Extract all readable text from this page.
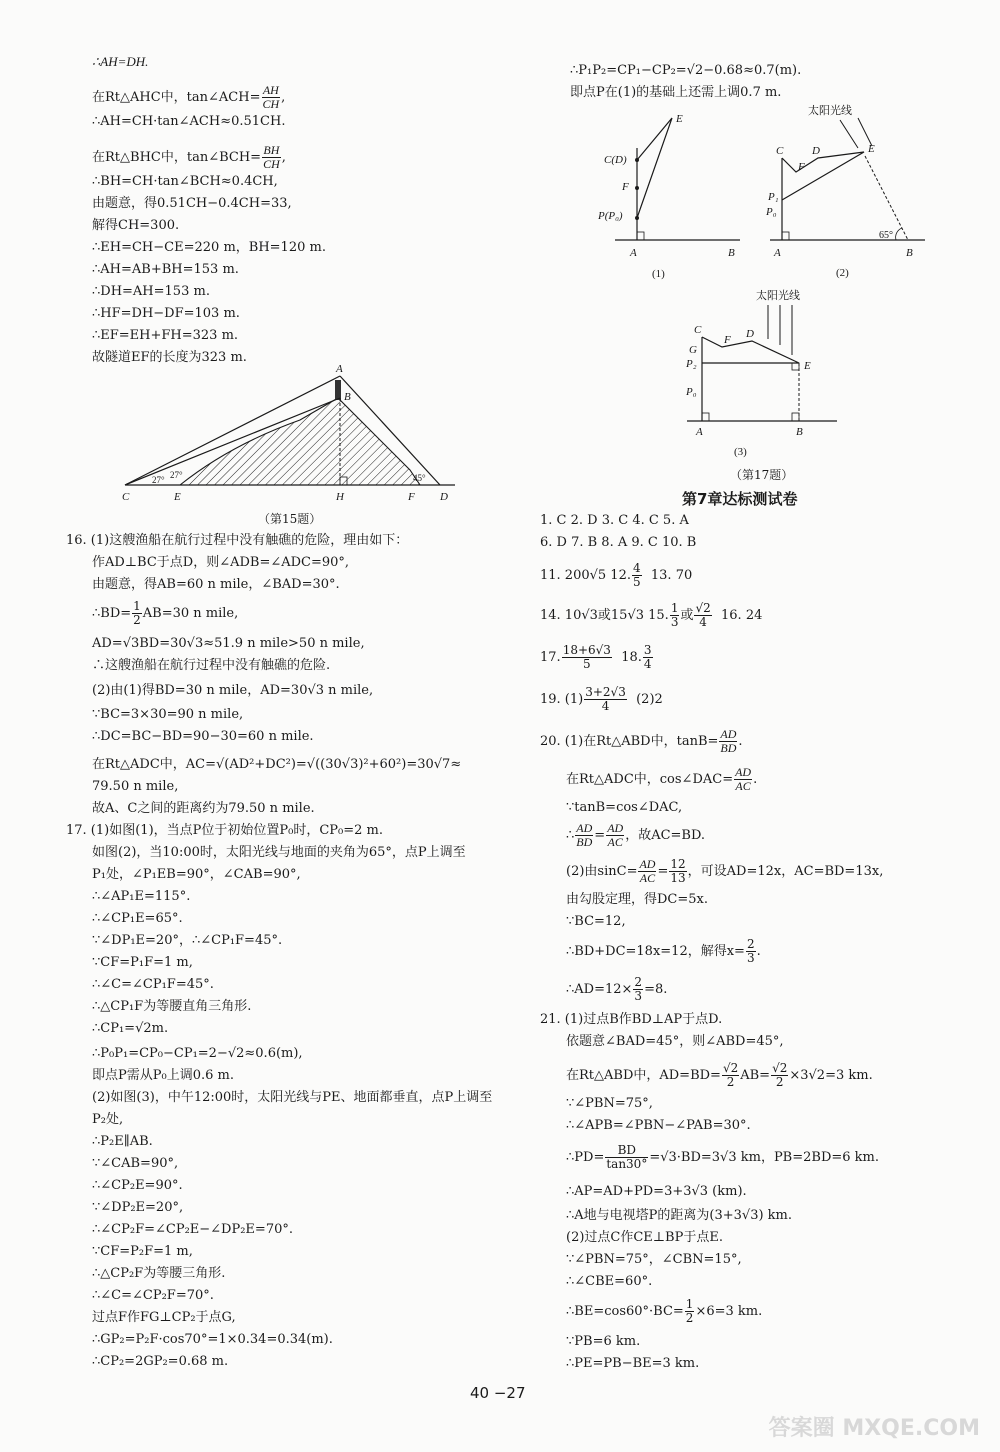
∴AH=DH.
在Rt△AHC中，tan∠ACH= $\frac{AH}{CH}$ ,
∴AH=CH·tan∠ACH≈0.51CH.
在Rt△BHC中，tan∠BCH= $\frac{BH}{CH}$ ,
∴BH=CH·tan∠BCH≈0.4CH,
由题意，得0.51CH−0.4CH=33,
解得CH=300.
∴EH=CH−CE=220 m，BH=120 m.
∴AH=AB+BH=153 m.
∴DH=AH=153 m.
∴HF=DH−DF=103 m.
∴EF=EH+FH=323 m.
故隧道EF的长度为323 m.
A
B
C	E	H	F D
27°
27°	45°
（第15题）
16. (1)这艘渔船在航行过程中没有触礁的危险，理由如下：
作AD⊥BC于点D，则∠ADB=∠ADC=90°,
由题意，得AB=60 n mile，∠BAD=30°.
∴BD= $\frac{1}{2} AB=30$ n mile,
AD=√3BD=30√3≈51.9 n mile>50 n mile,
∴这艘渔船在航行过程中没有触礁的危险.
(2)由(1)得BD=30 n mile，AD=30√3 n mile,
∵BC=3×30=90 n mile,
∴DC=BC−BD=90−30=60 n mile.
在Rt△ADC中，AC=√(AD²+DC²)=√((30√3)²+60²)=30√7≈
79.50 n mile,
故A、C之间的距离约为79.50 n mile.
17. (1)如图(1)，当点P位于初始位置P₀时，CP₀=2 m.
如图(2)，当10:00时，太阳光线与地面的夹角为65°，点P上调至
P₁处，∠P₁EB=90°，∠CAB=90°,
∴∠AP₁E=115°.
∴∠CP₁E=65°.
∵∠DP₁E=20°，∴∠CP₁F=45°.
∵CF=P₁F=1 m,
∴∠C=∠CP₁F=45°.
∴△CP₁F为等腰直角三角形.
∴CP₁=√2m.
∴P₀P₁=CP₀−CP₁=2−√2≈0.6(m),
即点P需从P₀上调0.6 m.
(2)如图(3)，中午12:00时，太阳光线与PE、地面都垂直，点P上调至
P₂处,
∴P₂E∥AB.
∵∠CAB=90°,
∴∠CP₂E=90°.
∵∠DP₂E=20°,
∴∠CP₂F=∠CP₂E−∠DP₂E=70°.
∵CF=P₂F=1 m,
∴△CP₂F为等腰三角形.
∴∠C=∠CP₂F=70°.
过点F作FG⊥CP₂于点G,
∴GP₂=P₂F·cos70°=1×0.34=0.34(m).
∴CP₂=2GP₂=0.68 m.
∴P₁P₂=CP₁−CP₂=√2−0.68≈0.7(m).
即点P在(1)的基础上还需上调0.7 m.
E
C(D)
F
P(P₀)
A	B
(1)
太阳光线
C
F
D	E
P₁
P₀
65°
A	B
(2)
太阳光线
C
F D
G
P₂
P₀
E
A	B
(3)
（第17题）
第7章达标测试卷
1. C 2. D 3. C 4. C 5. A
6. D 7. B 8. A 9. C 10. B
11. 200√5 12. $\frac{4}{5} 13$. 70
14. 10√3或15√3 15. $\frac{1}{3}$ 或 $\frac{√2}{4} 16$. 24
17. $\frac{18+6√3}{5} 18$. $\frac{3}{4}$
19. $(1) \frac{3+2√3}{4} (2)2$
20. (1)在Rt△ABD中，$\tan B= \frac{AD}{BD}$ .
在Rt△ADC中，cos∠DAC= $\frac{AD}{AC}$ .
∵tanB=cos∠DAC,
∴ $\frac{AD}{BD} = \frac{AD}{AC}$ ，故AC=BD.
(2)由$\sin C= \frac{AD}{AC} = \frac{12}{13}$ ，可设AD=12x，AC=BD=13x,
由勾股定理，得DC=5x.
∵BC=12,
∴BD+DC=18x=12，解得$x= \frac{2}{3}$ .
∴AD=12× $\frac{2}{3} =8$.
21. (1)过点B作BD⊥AP于点D.
依题意∠BAD=45°，则∠ABD=45°,
在Rt△ABD中，$AD=BD= \frac{√2}{2} AB= \frac{√2}{2} \times 3√2=3$ km.
∵∠PBN=75°,
∴∠APB=∠PBN−∠PAB=30°.
∴PD= $\frac{BD}{\tan 30^\circ} =√3\cdot BD=3√3$ km，PB=2BD=6 km.
∴AP=AD+PD=3+3√3 (km).
∴A地与电视塔P的距离为(3+3√3) km.
(2)过点C作CE⊥BP于点E.
∵∠PBN=75°，∠CBN=15°,
∴∠CBE=60°.
∴BE=cos60°·BC= $\frac{1}{2} \times 6=3$ km.
∵PB=6 km.
∴PE=PB−BE=3 km.
40 −27
答案圈 MXQE.COM
